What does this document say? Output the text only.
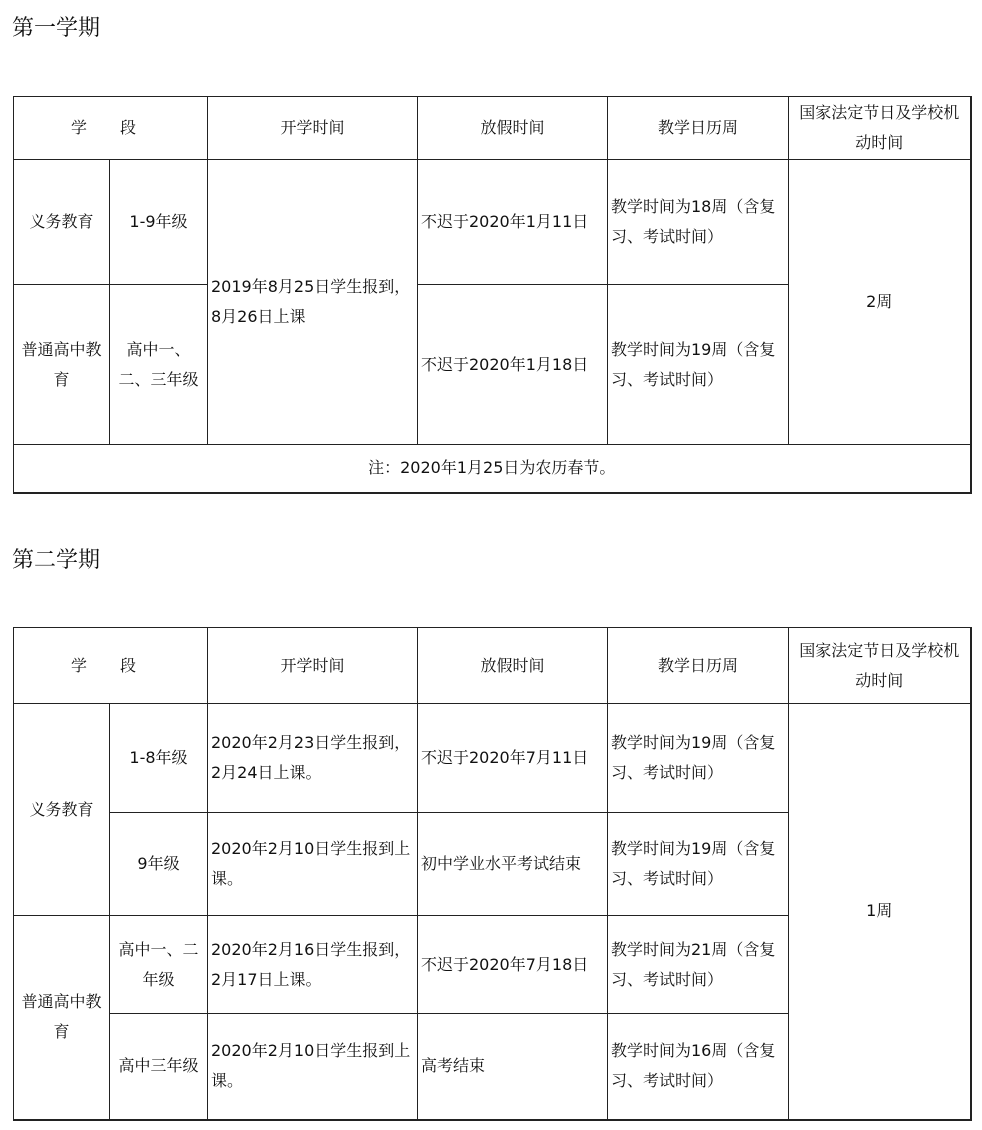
第一学期
学 段		开学时间	放假时间	教学日历周	国家法定节日及学校机动时间
义务教育	1-9年级	2019年8月25日学生报到，8月26日上课	不迟于2020年1月11日	教学时间为18周（含复习、考试时间）	2周
普通高中教育	高中一、二、三年级		不迟于2020年1月18日	教学时间为19周（含复习、考试时间）	
注：2020年1月25日为农历春节。					
第二学期
学 段		开学时间	放假时间	教学日历周	国家法定节日及学校机动时间
义务教育	1-8年级	2020年2月23日学生报到，2月24日上课。	不迟于2020年7月11日	教学时间为19周（含复习、考试时间）	1周
	9年级	2020年2月10日学生报到上课。	初中学业水平考试结束	教学时间为19周（含复习、考试时间）	
普通高中教育	高中一、二年级	2020年2月16日学生报到，2月17日上课。	不迟于2020年7月18日	教学时间为21周（含复习、考试时间）	
	高中三年级	2020年2月10日学生报到上课。	高考结束	教学时间为16周（含复习、考试时间）	
